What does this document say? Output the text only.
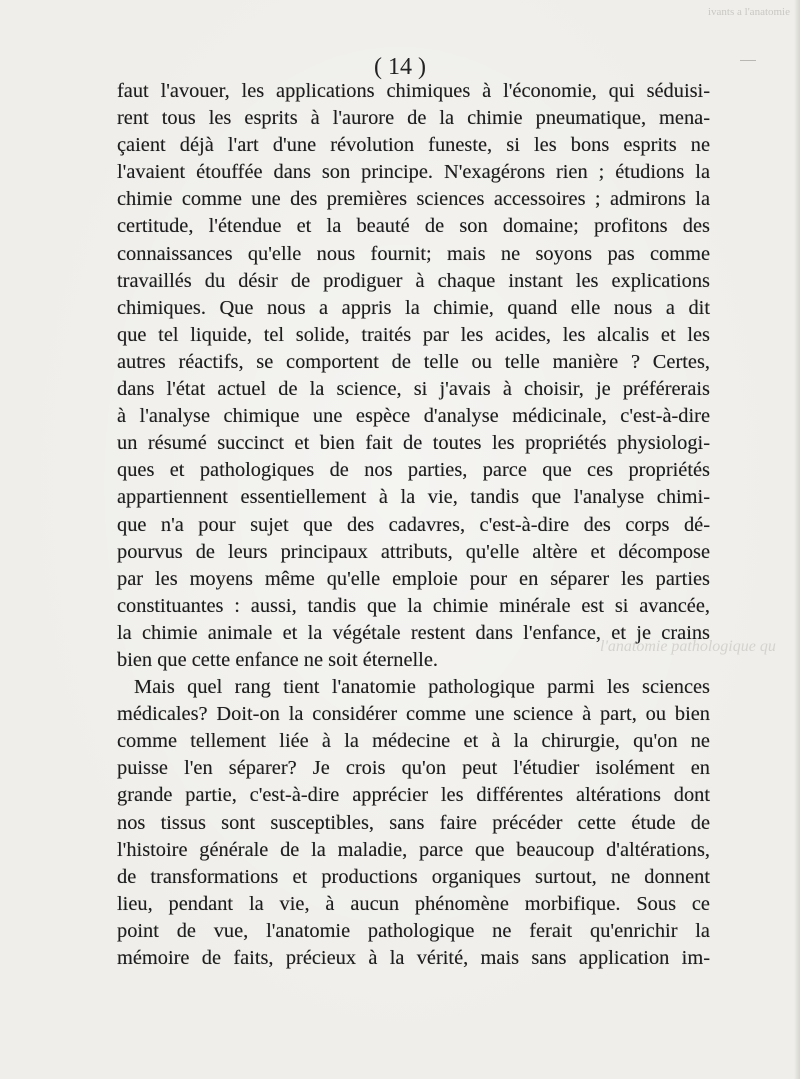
ivants a l'anatomie
l'anatomie pathologique qu
( 14 )
faut l'avouer, les applications chimiques à l'économie, qui séduisi-
rent tous les esprits à l'aurore de la chimie pneumatique, mena-
çaient déjà l'art d'une révolution funeste, si les bons esprits ne
l'avaient étouffée dans son principe. N'exagérons rien ; étudions la
chimie comme une des premières sciences accessoires ; admirons la
certitude, l'étendue et la beauté de son domaine; profitons des
connaissances qu'elle nous fournit; mais ne soyons pas comme
travaillés du désir de prodiguer à chaque instant les explications
chimiques. Que nous a appris la chimie, quand elle nous a dit
que tel liquide, tel solide, traités par les acides, les alcalis et les
autres réactifs, se comportent de telle ou telle manière ? Certes,
dans l'état actuel de la science, si j'avais à choisir, je préférerais
à l'analyse chimique une espèce d'analyse médicinale, c'est-à-dire
un résumé succinct et bien fait de toutes les propriétés physiologi-
ques et pathologiques de nos parties, parce que ces propriétés
appartiennent essentiellement à la vie, tandis que l'analyse chimi-
que n'a pour sujet que des cadavres, c'est-à-dire des corps dé-
pourvus de leurs principaux attributs, qu'elle altère et décompose
par les moyens même qu'elle emploie pour en séparer les parties
constituantes : aussi, tandis que la chimie minérale est si avancée,
la chimie animale et la végétale restent dans l'enfance, et je crains
bien que cette enfance ne soit éternelle.
Mais quel rang tient l'anatomie pathologique parmi les sciences
médicales? Doit-on la considérer comme une science à part, ou bien
comme tellement liée à la médecine et à la chirurgie, qu'on ne
puisse l'en séparer? Je crois qu'on peut l'étudier isolément en
grande partie, c'est-à-dire apprécier les différentes altérations dont
nos tissus sont susceptibles, sans faire précéder cette étude de
l'histoire générale de la maladie, parce que beaucoup d'altérations,
de transformations et productions organiques surtout, ne donnent
lieu, pendant la vie, à aucun phénomène morbifique. Sous ce
point de vue, l'anatomie pathologique ne ferait qu'enrichir la
mémoire de faits, précieux à la vérité, mais sans application im-
